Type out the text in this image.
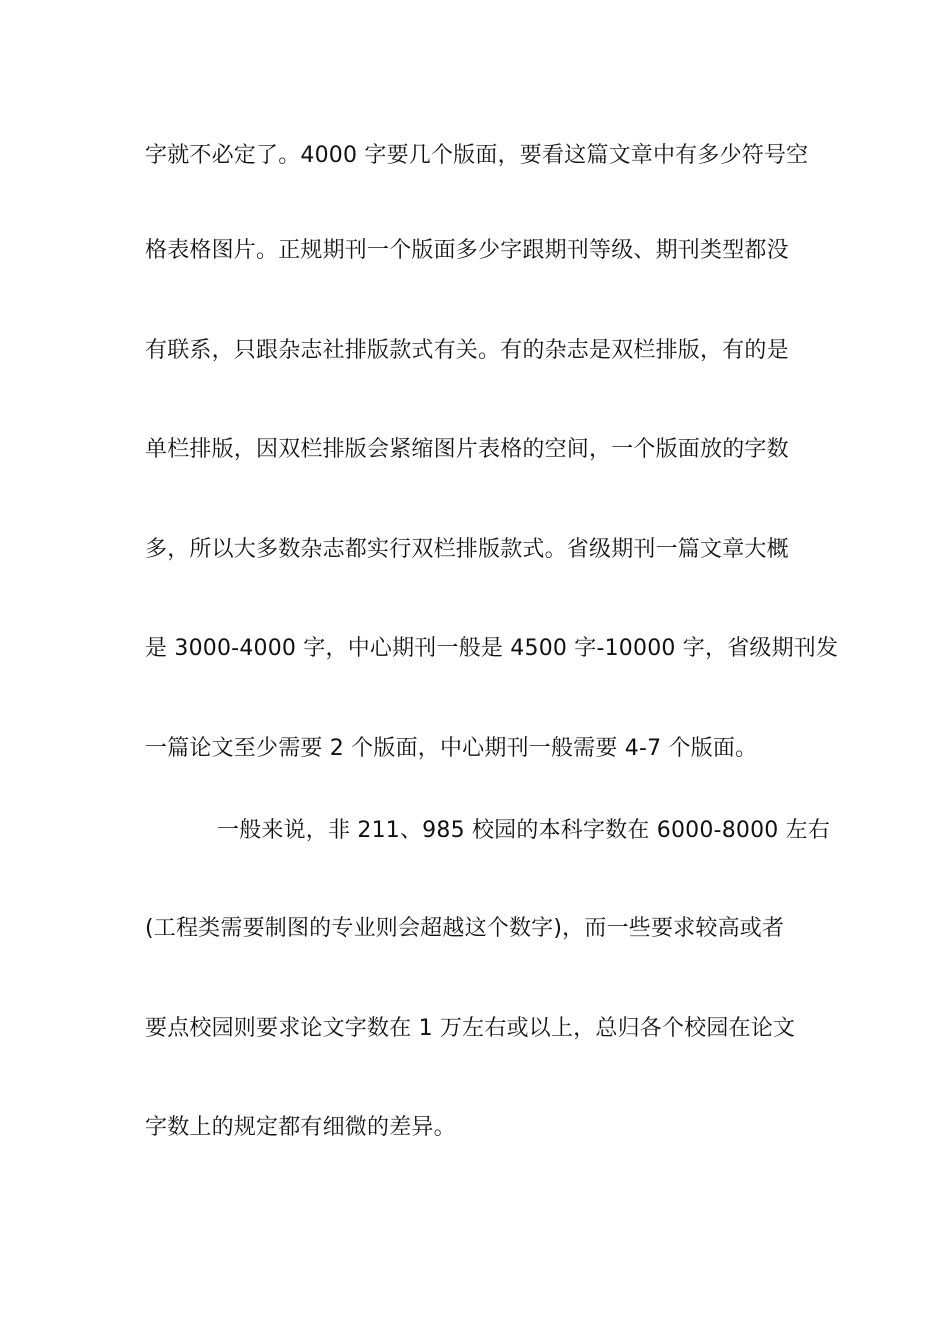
字就不必定了。4000 字要几个版面，要看这篇文章中有多少符号空
格表格图片。正规期刊一个版面多少字跟期刊等级、期刊类型都没
有联系，只跟杂志社排版款式有关。有的杂志是双栏排版，有的是
单栏排版，因双栏排版会紧缩图片表格的空间，一个版面放的字数
多，所以大多数杂志都实行双栏排版款式。省级期刊一篇文章大概
是 3000-4000 字，中心期刊一般是 4500 字-10000 字，省级期刊发
一篇论文至少需要 2 个版面，中心期刊一般需要 4-7 个版面。
一般来说，非 211、985 校园的本科字数在 6000-8000 左右
(工程类需要制图的专业则会超越这个数字)，而一些要求较高或者
要点校园则要求论文字数在 1 万左右或以上，总归各个校园在论文
字数上的规定都有细微的差异。
